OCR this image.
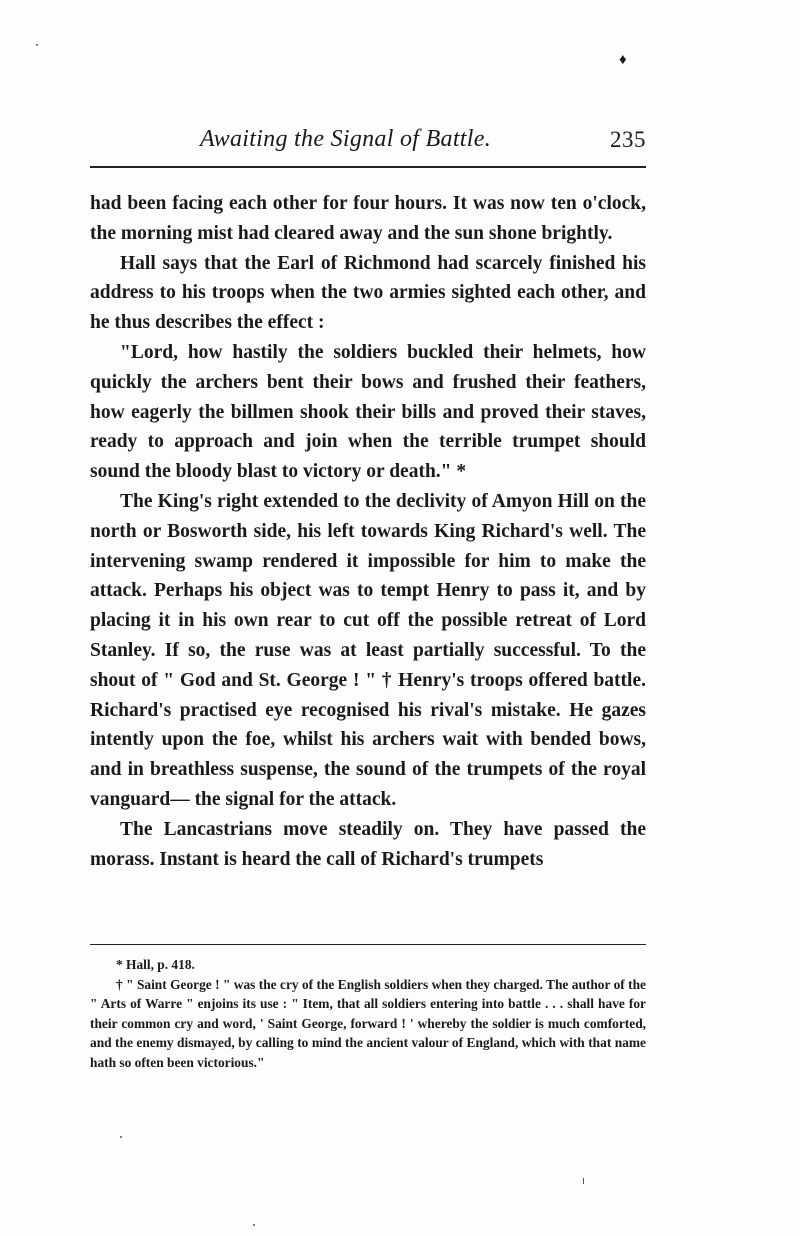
♦
Awaiting the Signal of Battle.	235

had been facing each other for four hours. It was now ten o'clock, the morning mist had cleared away and the sun shone brightly.

Hall says that the Earl of Richmond had scarcely finished his address to his troops when the two armies sighted each other, and he thus describes the effect :

"Lord, how hastily the soldiers buckled their helmets, how quickly the archers bent their bows and frushed their feathers, how eagerly the billmen shook their bills and proved their staves, ready to approach and join when the terrible trumpet should sound the bloody blast to victory or death." *

The King's right extended to the declivity of Amyon Hill on the north or Bosworth side, his left towards King Richard's well. The intervening swamp rendered it impossible for him to make the attack. Perhaps his object was to tempt Henry to pass it, and by placing it in his own rear to cut off the possible retreat of Lord Stanley. If so, the ruse was at least partially successful. To the shout of " God and St. George ! " † Henry's troops offered battle. Richard's practised eye recognised his rival's mistake. He gazes intently upon the foe, whilst his archers wait with bended bows, and in breathless suspense, the sound of the trumpets of the royal vanguard— the signal for the attack.

The Lancastrians move steadily on. They have passed the morass. Instant is heard the call of Richard's trumpets

* Hall, p. 418.

† " Saint George ! " was the cry of the English soldiers when they charged. The author of the " Arts of Warre " enjoins its use : " Item, that all soldiers entering into battle . . . shall have for their common cry and word, ' Saint George, forward ! ' whereby the soldier is much comforted, and the enemy dismayed, by calling to mind the ancient valour of England, which with that name hath so often been victorious."
